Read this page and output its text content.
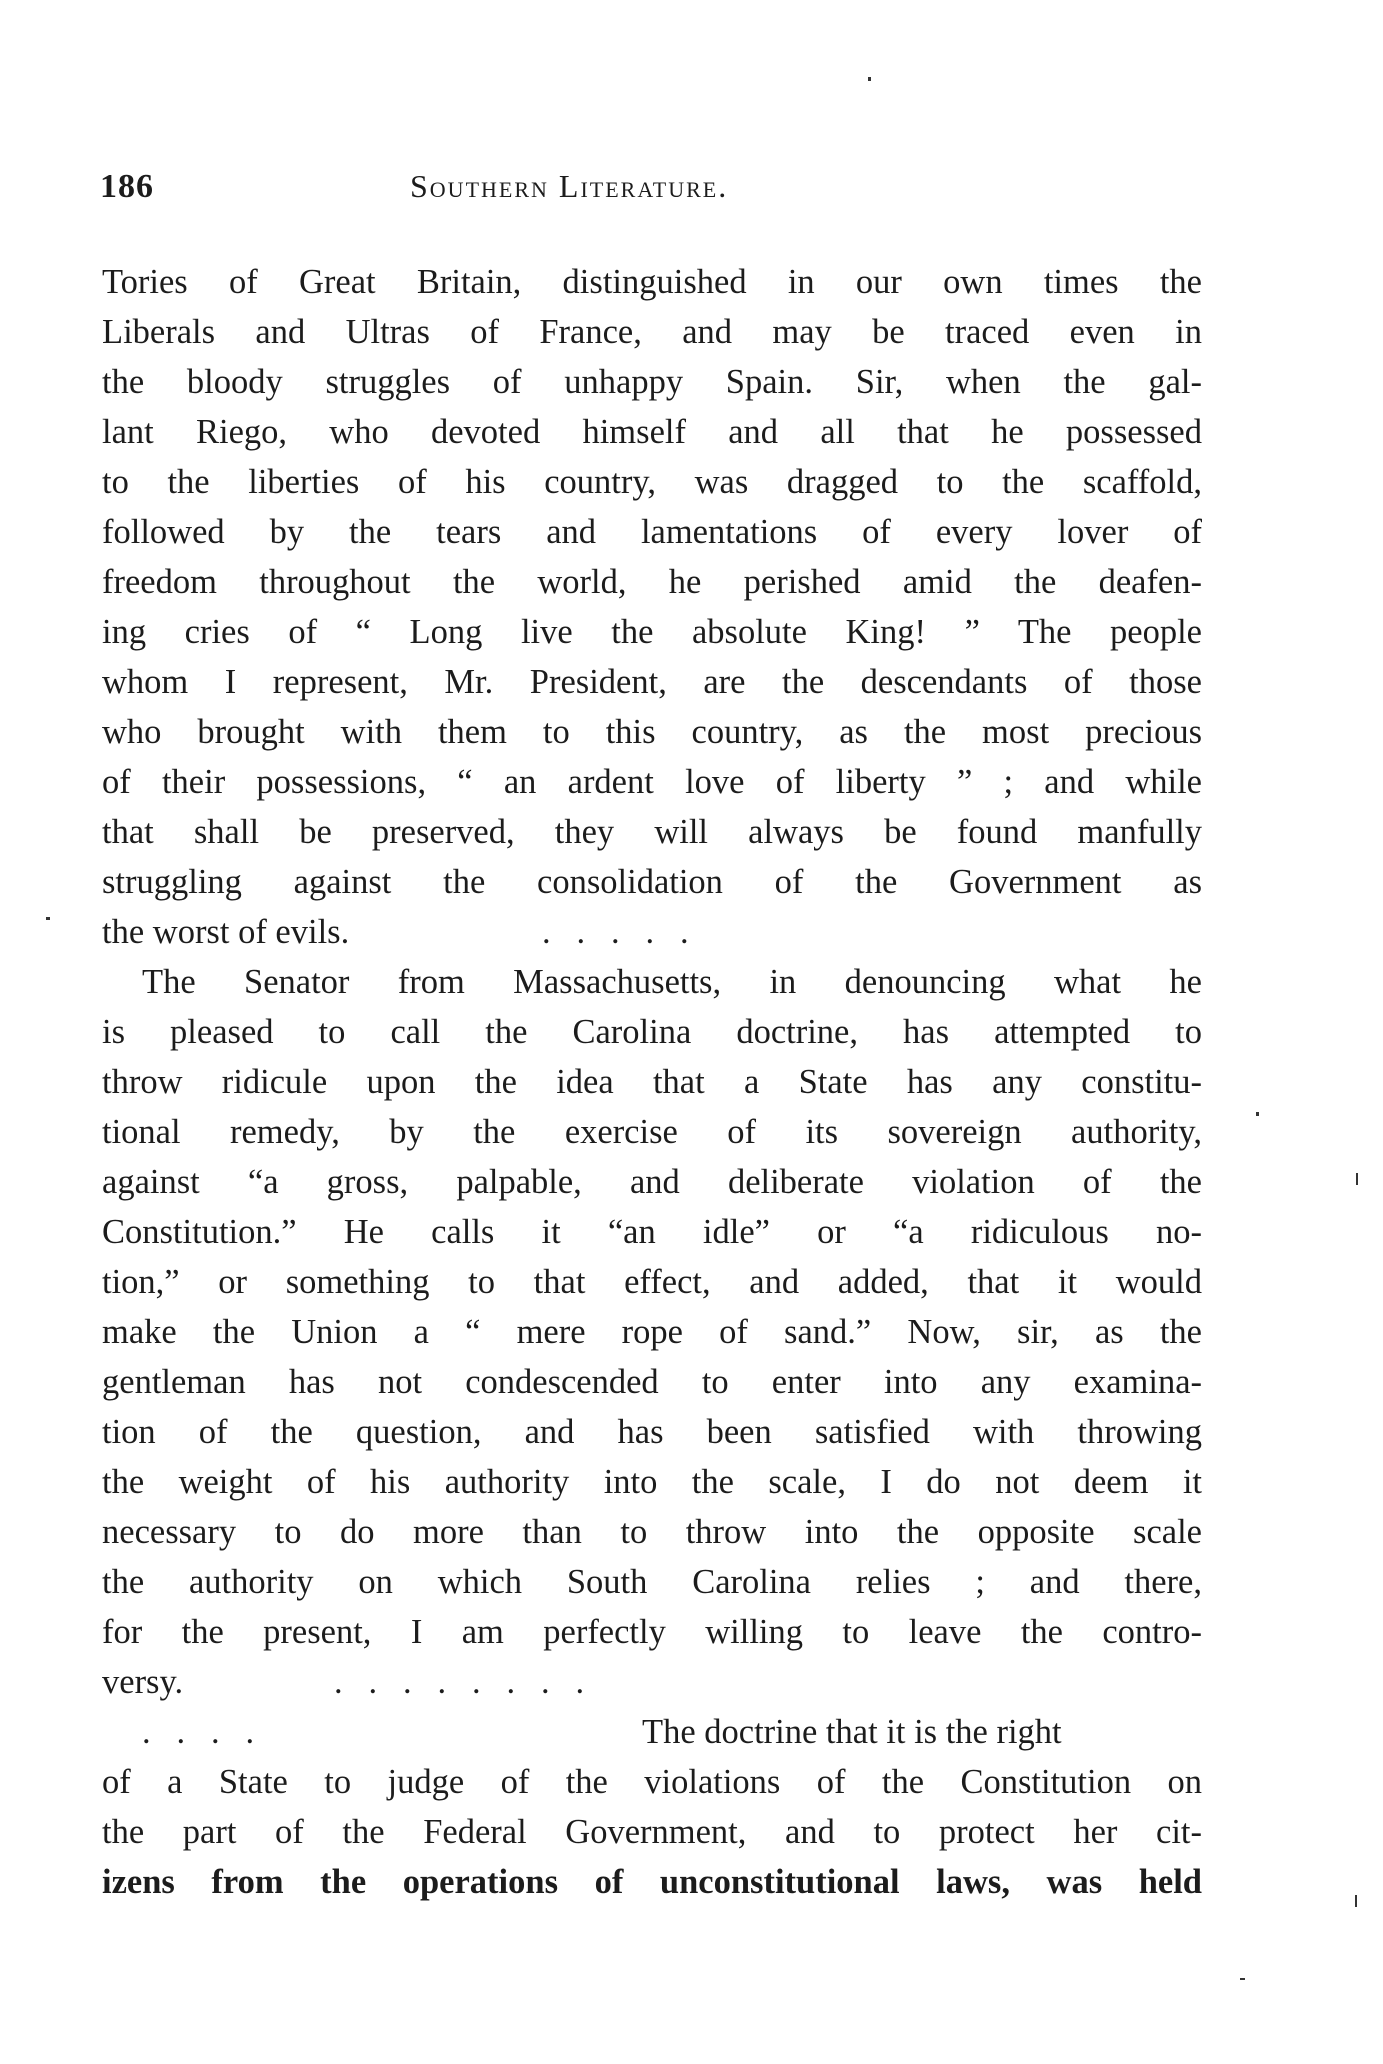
186	Southern Literature.
Tories of Great Britain, distinguished in our own times the
Liberals and Ultras of France, and may be traced even in
the bloody struggles of unhappy Spain. Sir, when the gal-
lant Riego, who devoted himself and all that he possessed
to the liberties of his country, was dragged to the scaffold,
followed by the tears and lamentations of every lover of
freedom throughout the world, he perished amid the deafen-
ing cries of “ Long live the absolute King! ” The people
whom I represent, Mr. President, are the descendants of those
who brought with them to this country, as the most precious
of their possessions, “ an ardent love of liberty ” ; and while
that shall be preserved, they will always be found manfully
struggling against the consolidation of the Government as
the worst of evils.	.   .   .   .   .
The Senator from Massachusetts, in denouncing what he
is pleased to call the Carolina doctrine, has attempted to
throw ridicule upon the idea that a State has any constitu-
tional remedy, by the exercise of its sovereign authority,
against “a gross, palpable, and deliberate violation of the
Constitution.” He calls it “an idle” or “a ridiculous no-
tion,” or something to that effect, and added, that it would
make the Union a “ mere rope of sand.” Now, sir, as the
gentleman has not condescended to enter into any examina-
tion of the question, and has been satisfied with throwing
the weight of his authority into the scale, I do not deem it
necessary to do more than to throw into the opposite scale
the authority on which South Carolina relies ; and there,
for the present, I am perfectly willing to leave the contro-
versy.	.   .   .   .   .   .   .   .
.   .   .   .	The doctrine that it is the right
of a State to judge of the violations of the Constitution on
the part of the Federal Government, and to protect her cit-
izens from the operations of unconstitutional laws, was held
